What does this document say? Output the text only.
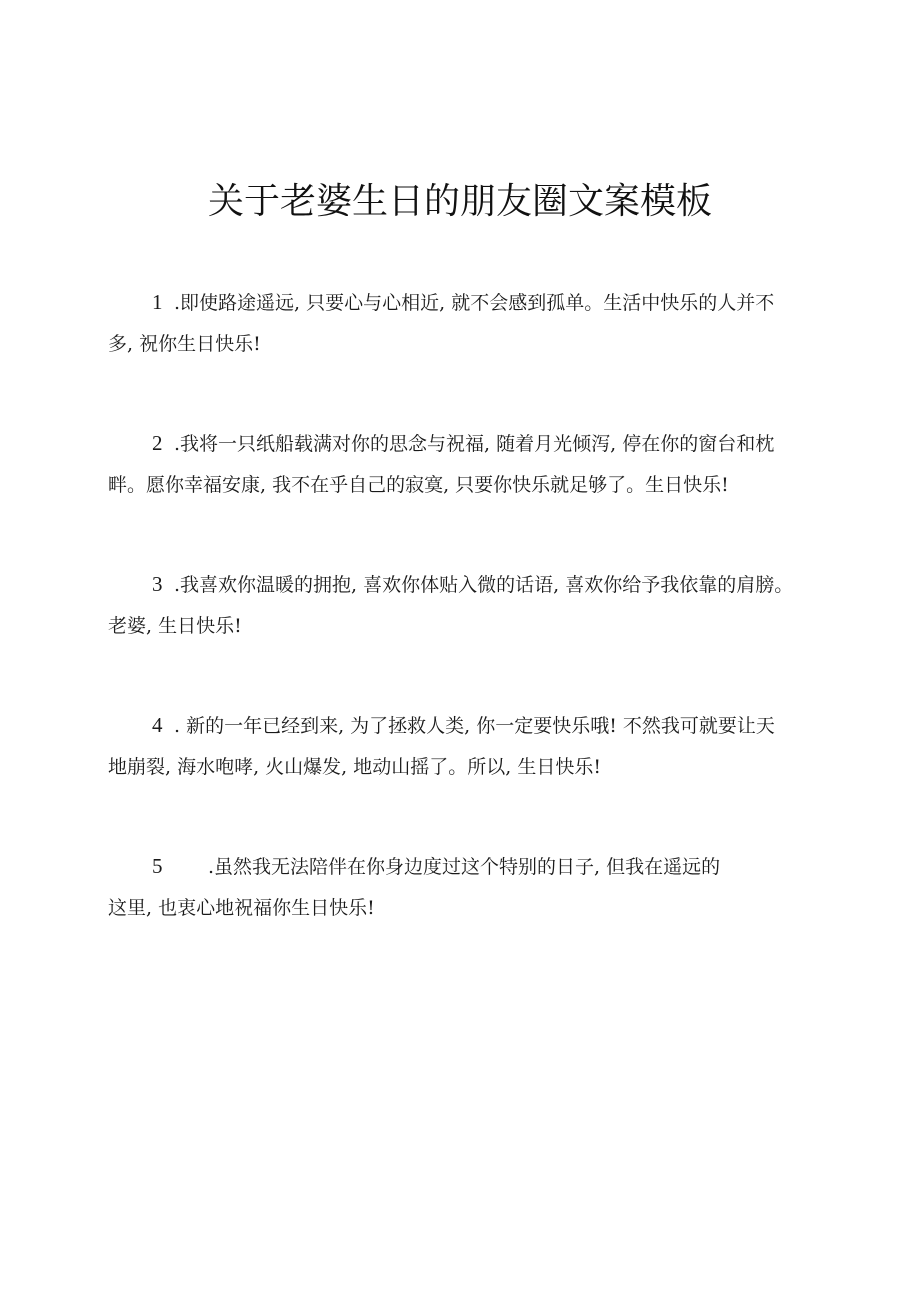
关于老婆生日的朋友圈文案模板

1 .即使路途遥远, 只要心与心相近, 就不会感到孤单。生活中快乐的人并不
多, 祝你生日快乐!

2 .我将一只纸船载满对你的思念与祝福, 随着月光倾泻, 停在你的窗台和枕
畔。愿你幸福安康, 我不在乎自己的寂寞, 只要你快乐就足够了。生日快乐!

3 .我喜欢你温暖的拥抱, 喜欢你体贴入微的话语, 喜欢你给予我依靠的肩膀。
老婆, 生日快乐!

4 . 新的一年已经到来, 为了拯救人类, 你一定要快乐哦! 不然我可就要让天
地崩裂, 海水咆哮, 火山爆发, 地动山摇了。所以, 生日快乐!

5 .虽然我无法陪伴在你身边度过这个特别的日子, 但我在遥远的
这里, 也衷心地祝福你生日快乐!
